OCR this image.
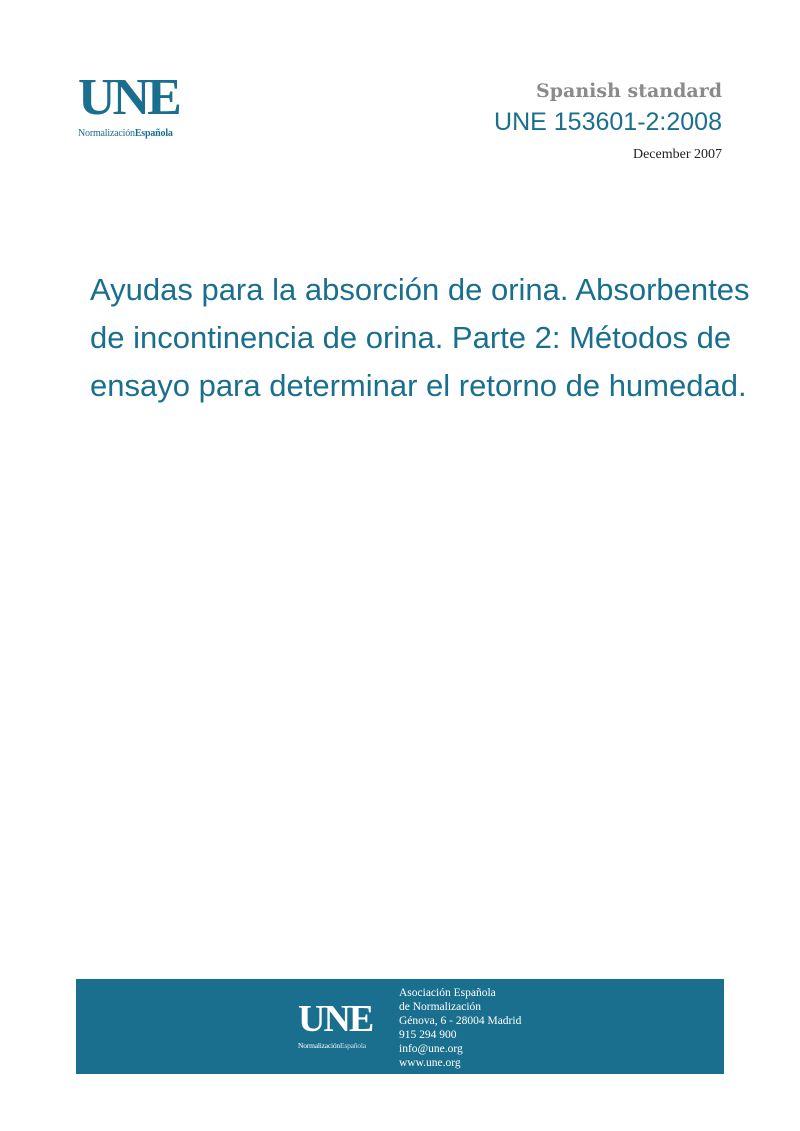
UNE
NormalizaciónEspañola
Spanish standard
UNE 153601-2:2008
December 2007
Ayudas para la absorción de orina. Absorbentes
de incontinencia de orina. Parte 2: Métodos de
ensayo para determinar el retorno de humedad.
UNE
NormalizaciónEspañola
Asociación Española
de Normalización
Génova, 6 - 28004 Madrid
915 294 900
info@une.org
www.une.org
